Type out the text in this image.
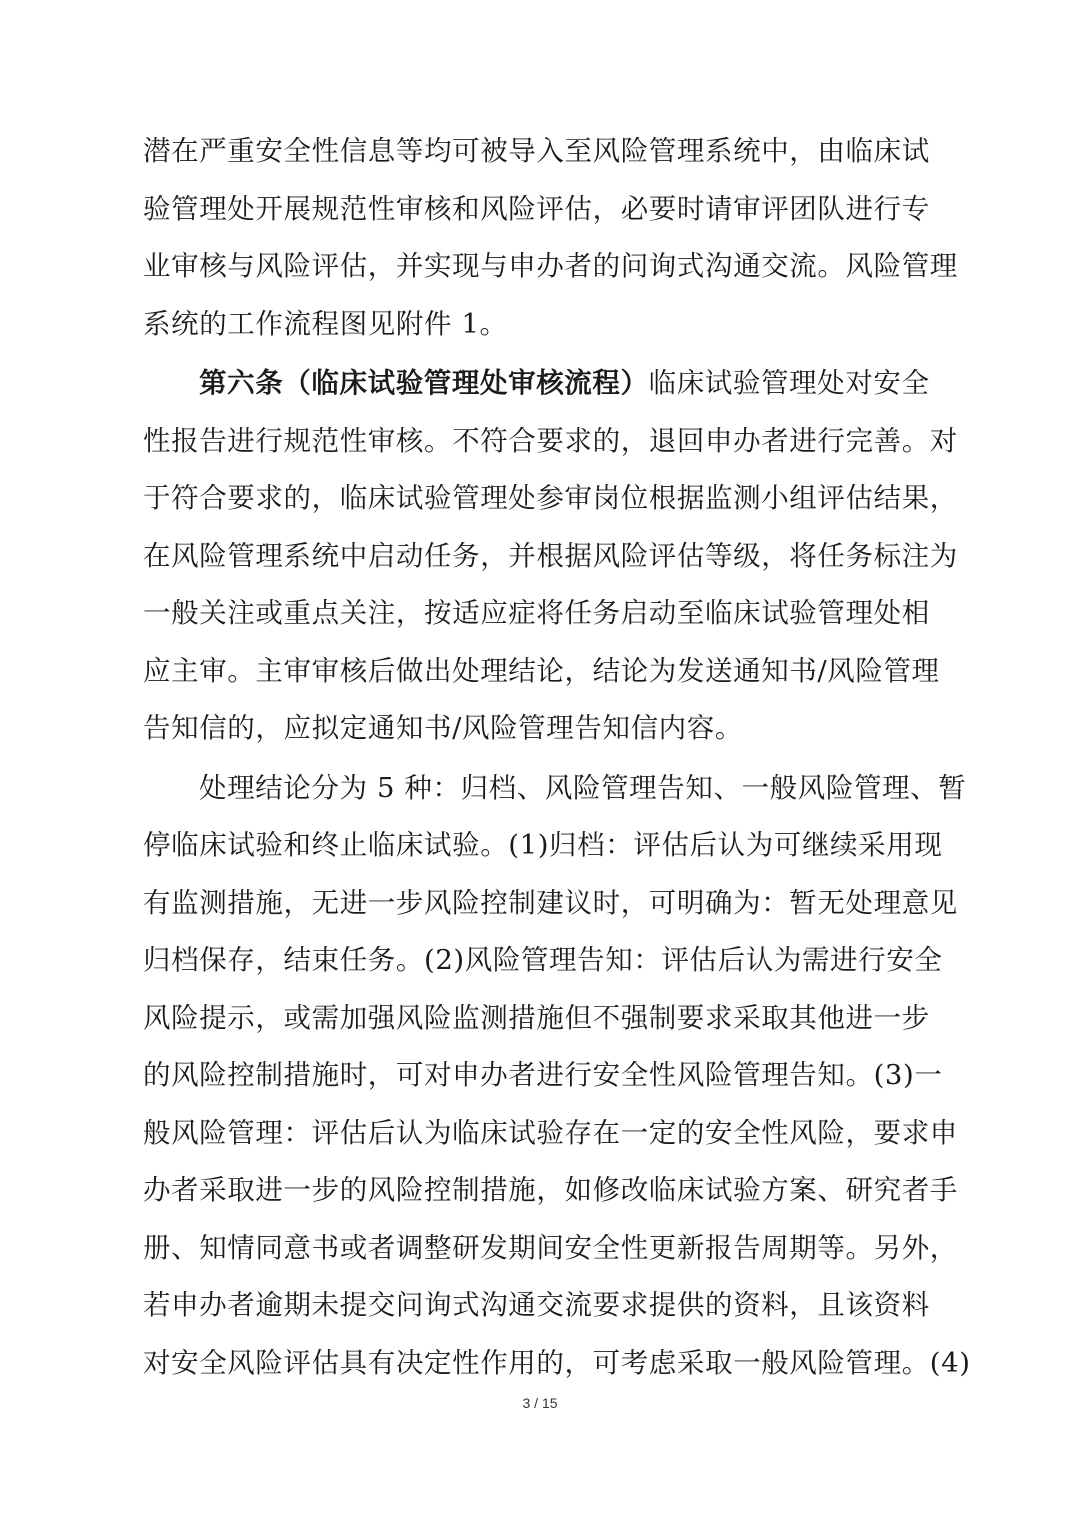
潜在严重安全性信息等均可被导入至风险管理系统中，由临床试
验管理处开展规范性审核和风险评估，必要时请审评团队进行专
业审核与风险评估，并实现与申办者的问询式沟通交流。风险管理
系统的工作流程图见附件 1。
第六条（临床试验管理处审核流程）临床试验管理处对安全
性报告进行规范性审核。不符合要求的，退回申办者进行完善。对
于符合要求的，临床试验管理处参审岗位根据监测小组评估结果，
在风险管理系统中启动任务，并根据风险评估等级，将任务标注为
一般关注或重点关注，按适应症将任务启动至临床试验管理处相
应主审。主审审核后做出处理结论，结论为发送通知书/风险管理
告知信的，应拟定通知书/风险管理告知信内容。
处理结论分为 5 种：归档、风险管理告知、一般风险管理、暂
停临床试验和终止临床试验。(1)归档：评估后认为可继续采用现
有监测措施，无进一步风险控制建议时，可明确为：暂无处理意见
归档保存，结束任务。(2)风险管理告知：评估后认为需进行安全
风险提示，或需加强风险监测措施但不强制要求采取其他进一步
的风险控制措施时，可对申办者进行安全性风险管理告知。(3)一
般风险管理：评估后认为临床试验存在一定的安全性风险，要求申
办者采取进一步的风险控制措施，如修改临床试验方案、研究者手
册、知情同意书或者调整研发期间安全性更新报告周期等。另外，
若申办者逾期未提交问询式沟通交流要求提供的资料，且该资料
对安全风险评估具有决定性作用的，可考虑采取一般风险管理。(4)
3 / 15
